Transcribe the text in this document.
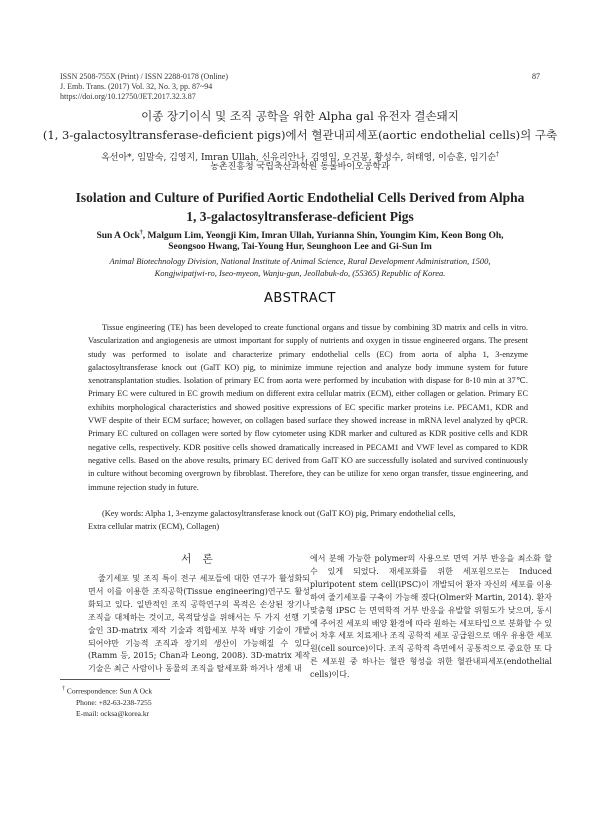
ISSN 2508-755X (Print) / ISSN 2288-0178 (Online)
J. Emb. Trans. (2017) Vol. 32, No. 3, pp. 87~94
https://doi.org/10.12750/JET.2017.32.3.87
87
이종 장기이식 및 조직 공학을 위한 Alpha gal 유전자 결손돼지
(1, 3-galactosyltransferase-deficient pigs)에서 혈관내피세포(aortic endothelial cells)의 구축
옥선아*, 임말숙, 김영지, Imran Ullah, 신유리안나, 김영임, 오건봉, 황성수, 허태영, 이승훈, 임기순†
농촌진흥청 국립축산과학원 동물바이오공학과
Isolation and Culture of Purified Aortic Endothelial Cells Derived from Alpha
1, 3-galactosyltransferase-deficient Pigs
Sun A Ock†, Malgum Lim, Yeongji Kim, Imran Ullah, Yurianna Shin, Youngim Kim, Keon Bong Oh,
Seongsoo Hwang, Tai-Young Hur, Seunghoon Lee and Gi-Sun Im
Animal Biotechnology Division, National Institute of Animal Science, Rural Development Administration, 1500,
Kongjwipatjwi-ro, Iseo-myeon, Wanju-gun, Jeollabuk-do, (55365) Republic of Korea.
ABSTRACT

Tissue engineering (TE) has been developed to create functional organs and tissue by combining 3D matrix and cells in vitro. Vascularization and angiogenesis are utmost important for supply of nutrients and oxygen in tissue engineered organs. The present study was performed to isolate and characterize primary endothelial cells (EC) from aorta of alpha 1, 3-enzyme galactosyltransferase knock out (GalT KO) pig, to minimize immune rejection and analyze body immune system for future xenotransplantation studies. Isolation of primary EC from aorta were performed by incubation with dispase for 8-10 min at 37℃. Primary EC were cultured in EC growth medium on different extra cellular matrix (ECM), either collagen or gelation. Primary EC exhibits morphological characteristics and showed positive expressions of EC specific marker proteins i.e. PECAM1, KDR and VWF despite of their ECM surface; however, on collagen based surface they showed increase in mRNA level analyzed by qPCR. Primary EC cultured on collagen were sorted by flow cytometer using KDR marker and cultured as KDR positive cells and KDR negative cells, respectively. KDR positive cells showed dramatically increased in PECAM1 and VWF level as compared to KDR negative cells. Based on the above results, primary EC derived from GalT KO are successfully isolated and survived continuously in culture without becoming overgrown by fibroblast. Therefore, they can be utilize for xeno organ transfer, tissue engineering, and immune rejection study in future.

(Key words: Alpha 1, 3-enzyme galactosyltransferase knock out (GalT KO) pig, Primary endothelial cells,
Extra cellular matrix (ECM), Collagen)
서 론

줄기세포 및 조직 특이 전구 세포들에 대한 연구가 활성화되면서 이를 이용한 조직공학(Tissue engineering)연구도 활성화되고 있다. 일반적인 조직 공학연구의 목적은 손상된 장기나 조직을 대체하는 것이고, 목적달성을 위해서는 두 가지 선행 기술인 3D-matrix 제작 기술과 적합세포 부착 배양 기술이 개발되어야만 기능적 조직과 장기의 생산이 가능해질 수 있다(Ramm 등, 2015; Chan과 Leong, 2008). 3D-matrix 제작 기술은 최근 사람이나 동물의 조직을 탈세포화 하거나 생체 내

에서 분해 가능한 polymer의 사용으로 면역 거부 반응을 최소화 할 수 있게 되었다. 재세포화를 위한 세포원으로는 Induced pluripotent stem cell(iPSC)이 개발되어 환자 자신의 세포를 이용하여 줄기세포를 구축이 가능해 졌다(Olmer와 Martin, 2014). 환자 맞춤형 iPSC 는 면역학적 거부 반응을 유발할 위험도가 낮으며, 동시에 주어진 세포의 배양 환경에 따라 원하는 세포타입으로 분화할 수 있어 차후 세포 치료제나 조직 공학적 세포 공급원으로 매우 유용한 세포원(cell source)이다. 조직 공학적 측면에서 공통적으로 중요한 또 다른 세포원 중 하나는 혈관 형성을 위한 혈관내피세포(endothelial cells)이다.

† Correspondence: Sun A Ock
Phone: +82-63-238-7255
E-mail: ocksa@korea.kr
